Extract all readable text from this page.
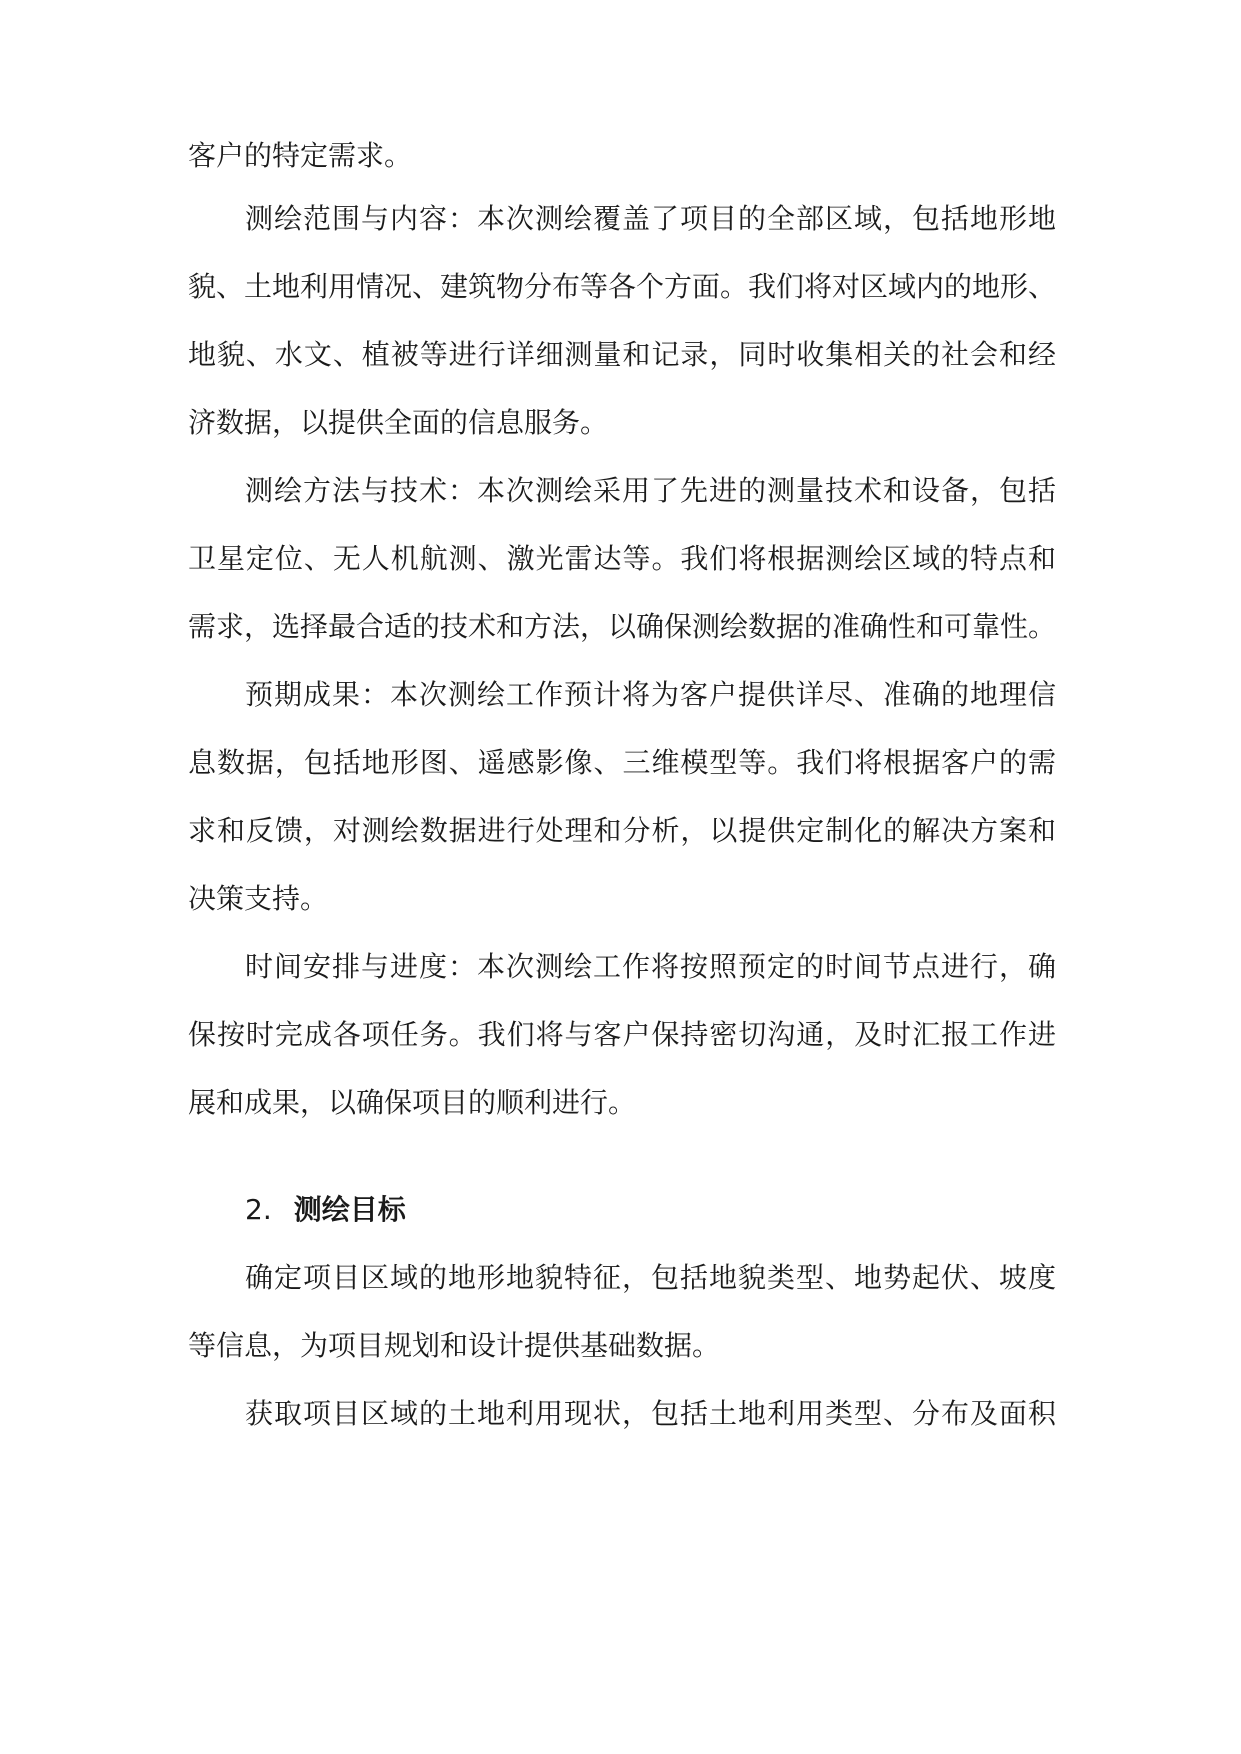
客户的特定需求。
测绘范围与内容：本次测绘覆盖了项目的全部区域，包括地形地
貌、土地利用情况、建筑物分布等各个方面。我们将对区域内的地形、
地貌、水文、植被等进行详细测量和记录，同时收集相关的社会和经
济数据，以提供全面的信息服务。
测绘方法与技术：本次测绘采用了先进的测量技术和设备，包括
卫星定位、无人机航测、激光雷达等。我们将根据测绘区域的特点和
需求，选择最合适的技术和方法，以确保测绘数据的准确性和可靠性。
预期成果：本次测绘工作预计将为客户提供详尽、准确的地理信
息数据，包括地形图、遥感影像、三维模型等。我们将根据客户的需
求和反馈，对测绘数据进行处理和分析，以提供定制化的解决方案和
决策支持。
时间安排与进度：本次测绘工作将按照预定的时间节点进行，确
保按时完成各项任务。我们将与客户保持密切沟通，及时汇报工作进
展和成果，以确保项目的顺利进行。
2. 测绘目标
确定项目区域的地形地貌特征，包括地貌类型、地势起伏、坡度
等信息，为项目规划和设计提供基础数据。
获取项目区域的土地利用现状，包括土地利用类型、分布及面积
